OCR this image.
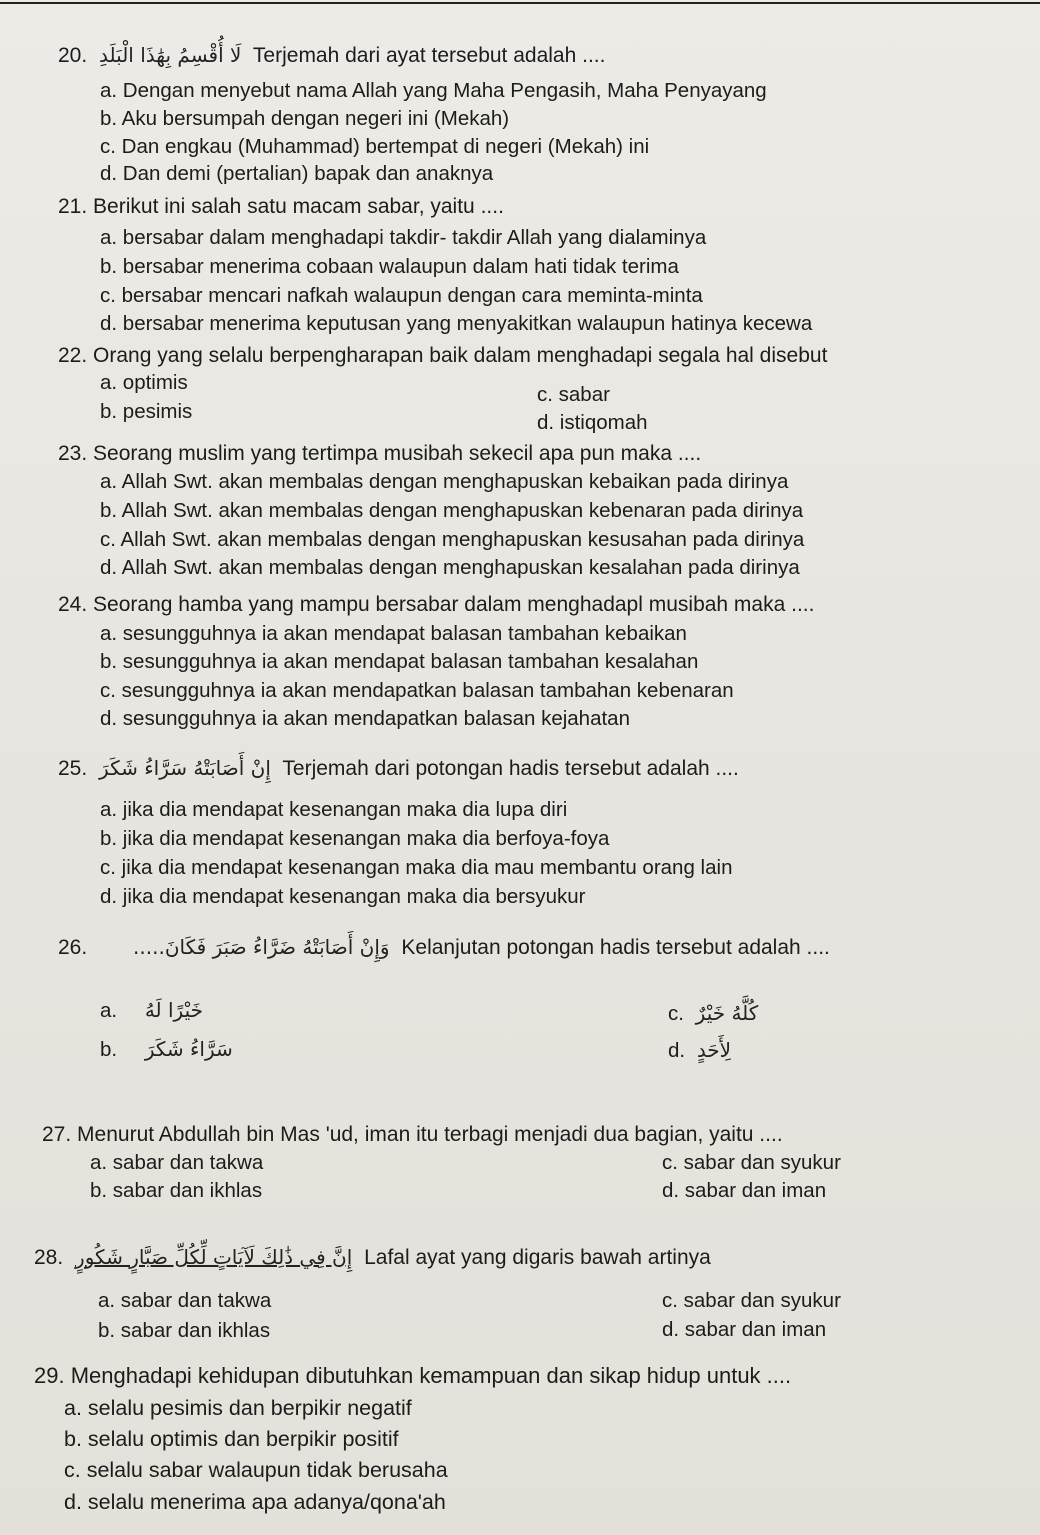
20. لَا أُقْسِمُ بِهَٰذَا الْبَلَدِ Terjemah dari ayat tersebut adalah ....
a. Dengan menyebut nama Allah yang Maha Pengasih, Maha Penyayang
b. Aku bersumpah dengan negeri ini (Mekah)
c. Dan engkau (Muhammad) bertempat di negeri (Mekah) ini
d. Dan demi (pertalian) bapak dan anaknya
21. Berikut ini salah satu macam sabar, yaitu ....
a. bersabar dalam menghadapi takdir- takdir Allah yang dialaminya
b. bersabar menerima cobaan walaupun dalam hati tidak terima
c. bersabar mencari nafkah walaupun dengan cara meminta-minta
d. bersabar menerima keputusan yang menyakitkan walaupun hatinya kecewa
22. Orang yang selalu berpengharapan baik dalam menghadapi segala hal disebut
a. optimis
c. sabar
b. pesimis	d. istiqomah
23. Seorang muslim yang tertimpa musibah sekecil apa pun maka ....
a. Allah Swt. akan membalas dengan menghapuskan kebaikan pada dirinya
b. Allah Swt. akan membalas dengan menghapuskan kebenaran pada dirinya
c. Allah Swt. akan membalas dengan menghapuskan kesusahan pada dirinya
d. Allah Swt. akan membalas dengan menghapuskan kesalahan pada dirinya
24. Seorang hamba yang mampu bersabar dalam menghadapl musibah maka ....
a. sesungguhnya ia akan mendapat balasan tambahan kebaikan
b. sesungguhnya ia akan mendapat balasan tambahan kesalahan
c. sesungguhnya ia akan mendapatkan balasan tambahan kebenaran
d. sesungguhnya ia akan mendapatkan balasan kejahatan
25. إِنْ أَصَابَتْهُ سَرَّاءُ شَكَرَ Terjemah dari potongan hadis tersebut adalah ....
a. jika dia mendapat kesenangan maka dia lupa diri
b. jika dia mendapat kesenangan maka dia berfoya-foya
c. jika dia mendapat kesenangan maka dia mau membantu orang lain
d. jika dia mendapat kesenangan maka dia bersyukur
26. وَإِنْ أَصَابَتْهُ ضَرَّاءُ صَبَرَ فَكَانَ..... Kelanjutan potongan hadis tersebut adalah ....
a. خَيْرًا لَهُ	c. كُلَّهُ خَيْرٌ
b. سَرَّاءُ شَكَرَ	d. لِأَحَدٍ
27. Menurut Abdullah bin Mas 'ud, iman itu terbagi menjadi dua bagian, yaitu ....
a. sabar dan takwa	c. sabar dan syukur
b. sabar dan ikhlas	d. sabar dan iman
28. إِنَّ فِي ذَٰلِكَ لَآيَاتٍ لِّكُلِّ صَبَّارٍ شَكُورٍ Lafal ayat yang digaris bawah artinya
a. sabar dan takwa	c. sabar dan syukur
b. sabar dan ikhlas	d. sabar dan iman
29. Menghadapi kehidupan dibutuhkan kemampuan dan sikap hidup untuk ....
a. selalu pesimis dan berpikir negatif
b. selalu optimis dan berpikir positif
c. selalu sabar walaupun tidak berusaha
d. selalu menerima apa adanya/qona'ah
